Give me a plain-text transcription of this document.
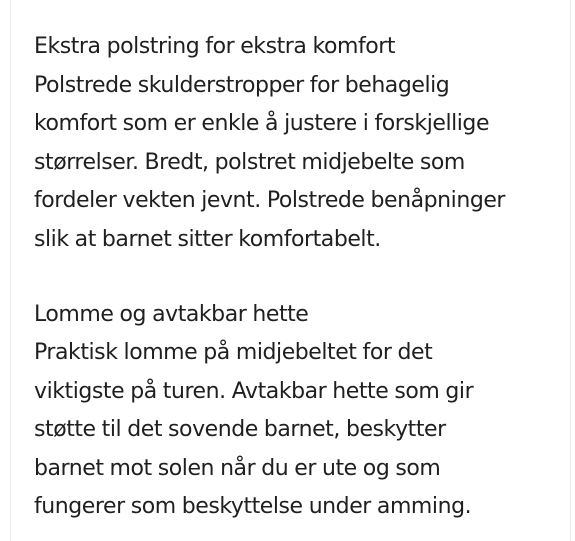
Ekstra polstring for ekstra komfort
Polstrede skulderstropper for behagelig
komfort som er enkle å justere i forskjellige
størrelser. Bredt, polstret midjebelte som
fordeler vekten jevnt. Polstrede benåpninger
slik at barnet sitter komfortabelt.
Lomme og avtakbar hette
Praktisk lomme på midjebeltet for det
viktigste på turen. Avtakbar hette som gir
støtte til det sovende barnet, beskytter
barnet mot solen når du er ute og som
fungerer som beskyttelse under amming.
